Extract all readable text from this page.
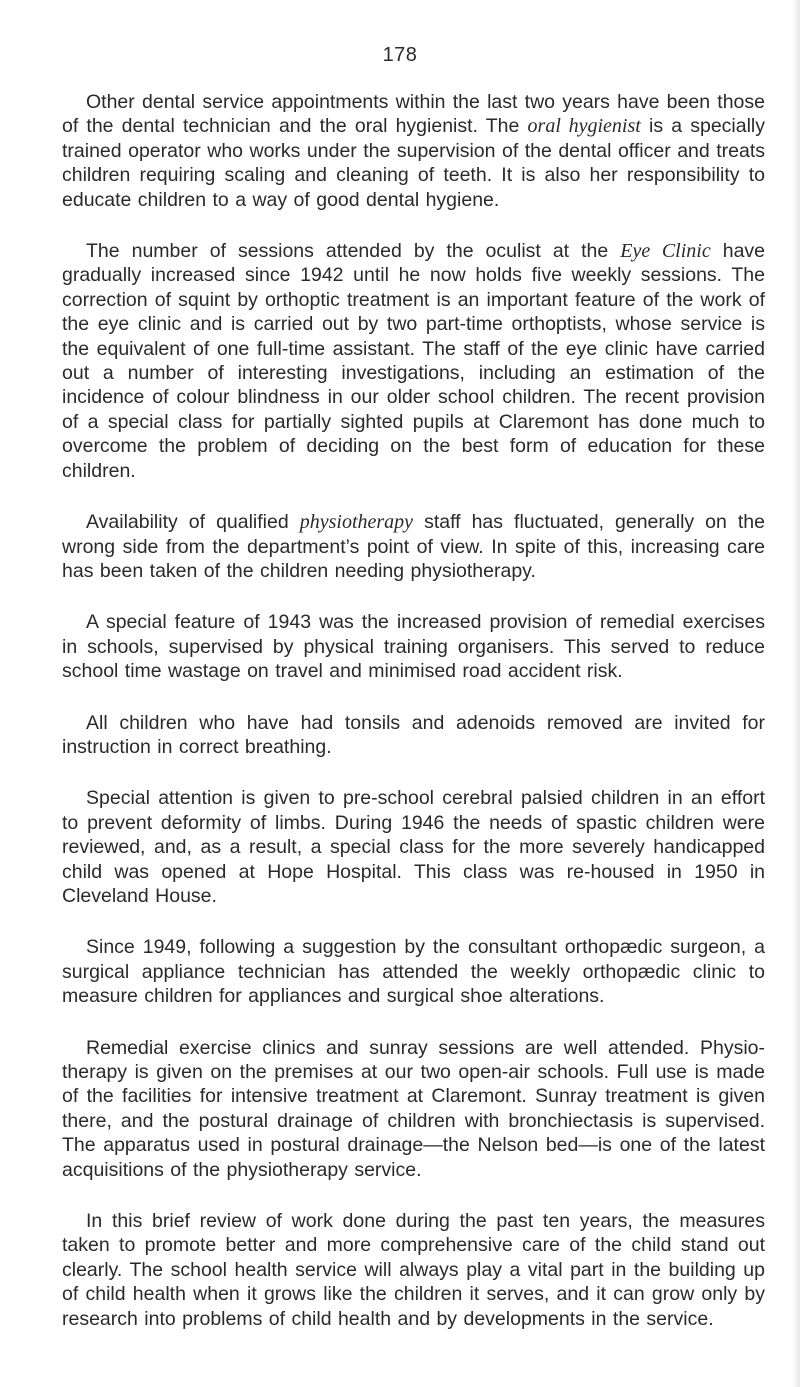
178

Other dental service appointments within the last two years have been those of the dental technician and the oral hygienist. The oral hygienist is a specially trained operator who works under the supervision of the dental officer and treats children requiring scaling and cleaning of teeth. It is also her responsibility to educate children to a way of good dental hygiene.

The number of sessions attended by the oculist at the Eye Clinic have gradually increased since 1942 until he now holds five weekly sessions. The correction of squint by orthoptic treatment is an important feature of the work of the eye clinic and is carried out by two part-time orthoptists, whose service is the equivalent of one full-time assistant. The staff of the eye clinic have carried out a number of interesting investigations, including an estimation of the incidence of colour blindness in our older school children. The recent provision of a special class for partially sighted pupils at Claremont has done much to overcome the problem of deciding on the best form of education for these children.

Availability of qualified physiotherapy staff has fluctuated, generally on the wrong side from the department’s point of view. In spite of this, increasing care has been taken of the children needing physiotherapy.

A special feature of 1943 was the increased provision of remedial exercises in schools, supervised by physical training organisers. This served to reduce school time wastage on travel and minimised road accident risk.

All children who have had tonsils and adenoids removed are invited for instruction in correct breathing.

Special attention is given to pre-school cerebral palsied children in an effort to prevent deformity of limbs. During 1946 the needs of spastic children were reviewed, and, as a result, a special class for the more severely handicapped child was opened at Hope Hospital. This class was re-housed in 1950 in Cleveland House.

Since 1949, following a suggestion by the consultant orthopædic surgeon, a surgical appliance technician has attended the weekly orthopædic clinic to measure children for appliances and surgical shoe alterations.

Remedial exercise clinics and sunray sessions are well attended. Physiotherapy is given on the premises at our two open-air schools. Full use is made of the facilities for intensive treatment at Claremont. Sunray treatment is given there, and the postural drainage of children with bronchiectasis is supervised. The apparatus used in postural drainage—the Nelson bed—is one of the latest acquisitions of the physiotherapy service.

In this brief review of work done during the past ten years, the measures taken to promote better and more comprehensive care of the child stand out clearly. The school health service will always play a vital part in the building up of child health when it grows like the children it serves, and it can grow only by research into problems of child health and by developments in the service.
